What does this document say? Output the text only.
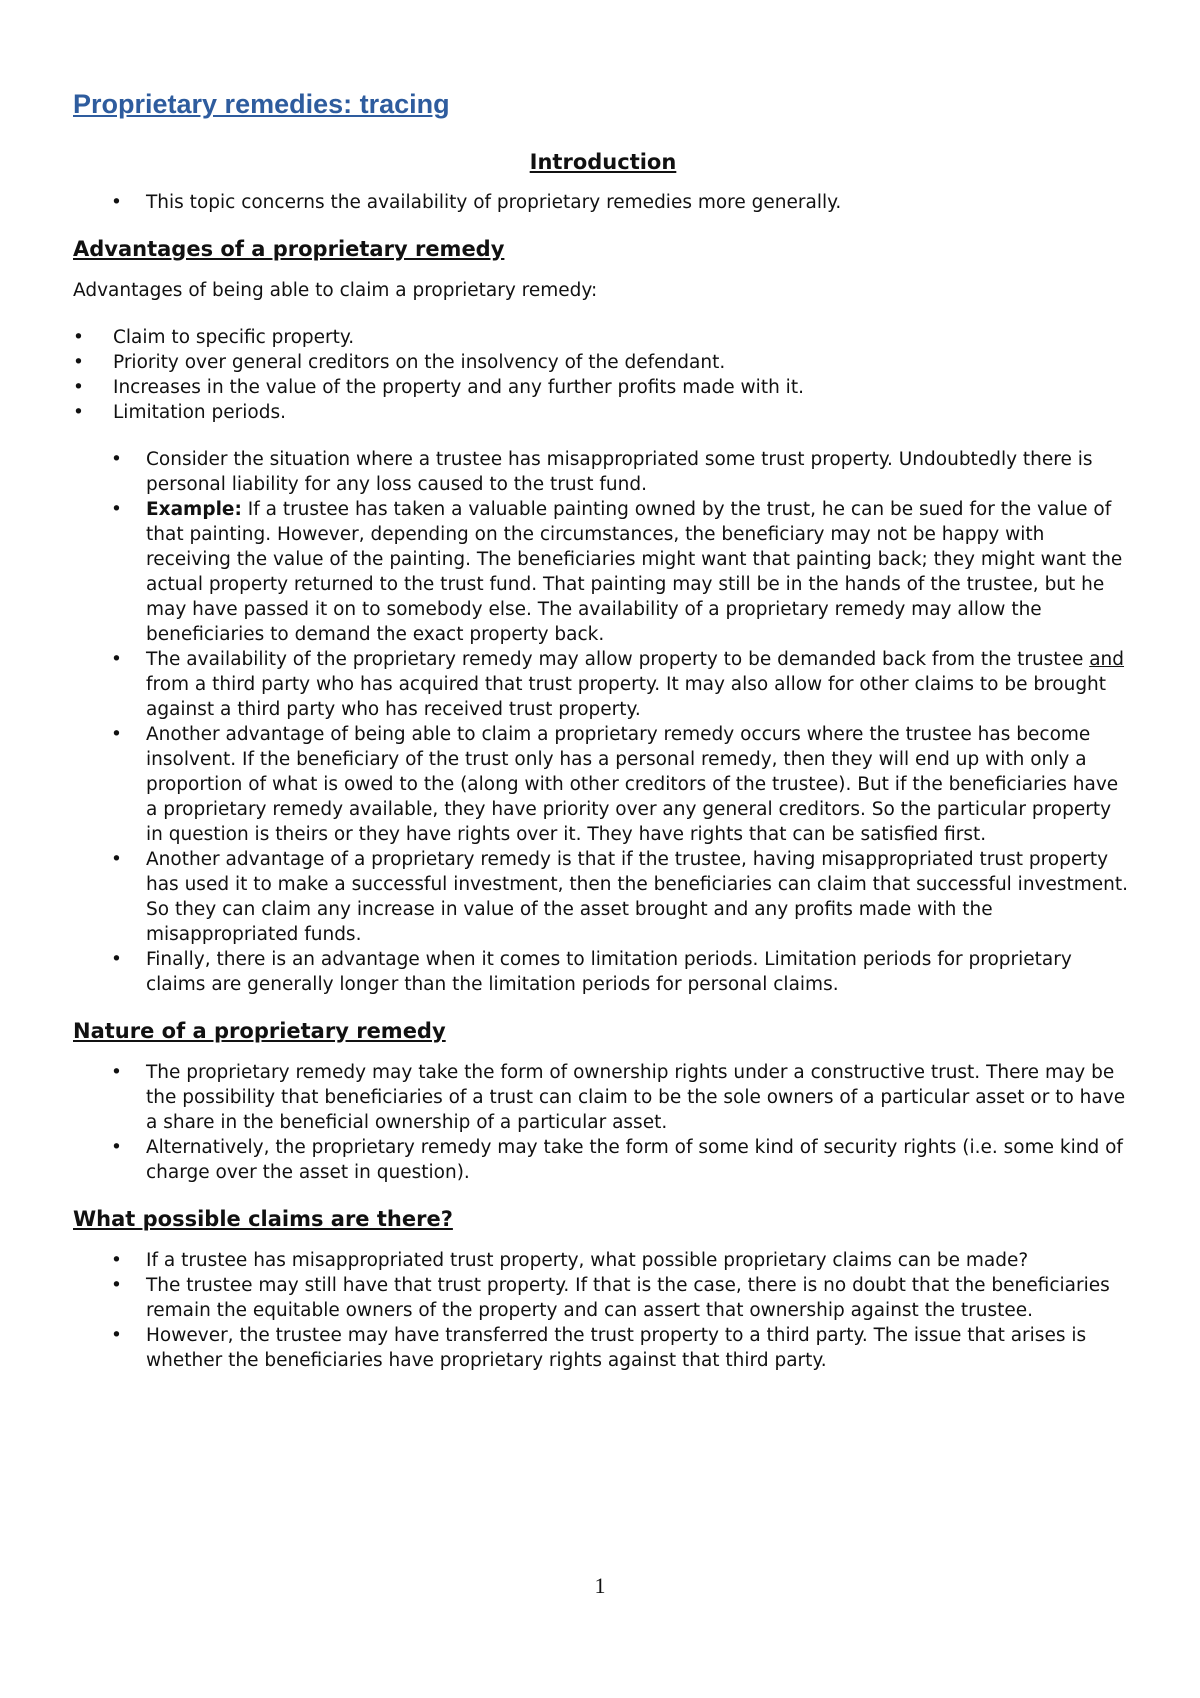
Proprietary remedies: tracing
Introduction
• This topic concerns the availability of proprietary remedies more generally.
Advantages of a proprietary remedy

Advantages of being able to claim a proprietary remedy:

• Claim to specific property.
• Priority over general creditors on the insolvency of the defendant.
• Increases in the value of the property and any further profits made with it.
• Limitation periods.
• Consider the situation where a trustee has misappropriated some trust property. Undoubtedly there is personal liability for any loss caused to the trust fund.
• Example: If a trustee has taken a valuable painting owned by the trust, he can be sued for the value of that painting. However, depending on the circumstances, the beneficiary may not be happy with receiving the value of the painting. The beneficiaries might want that painting back; they might want the actual property returned to the trust fund. That painting may still be in the hands of the trustee, but he may have passed it on to somebody else. The availability of a proprietary remedy may allow the beneficiaries to demand the exact property back.
• The availability of the proprietary remedy may allow property to be demanded back from the trustee and from a third party who has acquired that trust property. It may also allow for other claims to be brought against a third party who has received trust property.
• Another advantage of being able to claim a proprietary remedy occurs where the trustee has become insolvent. If the beneficiary of the trust only has a personal remedy, then they will end up with only a proportion of what is owed to the (along with other creditors of the trustee). But if the beneficiaries have a proprietary remedy available, they have priority over any general creditors. So the particular property in question is theirs or they have rights over it. They have rights that can be satisfied first.
• Another advantage of a proprietary remedy is that if the trustee, having misappropriated trust property has used it to make a successful investment, then the beneficiaries can claim that successful investment. So they can claim any increase in value of the asset brought and any profits made with the misappropriated funds.
• Finally, there is an advantage when it comes to limitation periods. Limitation periods for proprietary claims are generally longer than the limitation periods for personal claims.
Nature of a proprietary remedy
• The proprietary remedy may take the form of ownership rights under a constructive trust. There may be the possibility that beneficiaries of a trust can claim to be the sole owners of a particular asset or to have a share in the beneficial ownership of a particular asset.
• Alternatively, the proprietary remedy may take the form of some kind of security rights (i.e. some kind of charge over the asset in question).
What possible claims are there?
• If a trustee has misappropriated trust property, what possible proprietary claims can be made?
• The trustee may still have that trust property. If that is the case, there is no doubt that the beneficiaries remain the equitable owners of the property and can assert that ownership against the trustee.
• However, the trustee may have transferred the trust property to a third party. The issue that arises is whether the beneficiaries have proprietary rights against that third party.
1
